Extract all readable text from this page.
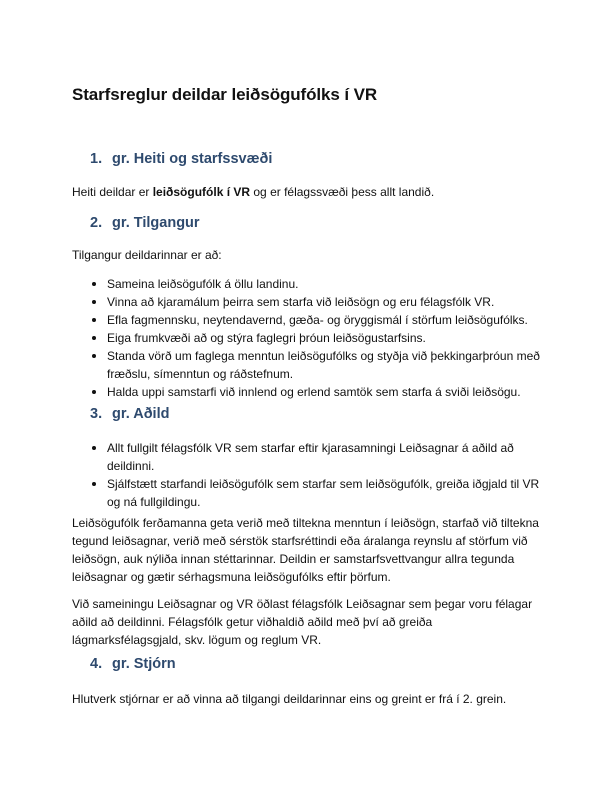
Starfsreglur deildar leiðsögufólks í VR
1. gr. Heiti og starfssvæði

Heiti deildar er leiðsögufólk í VR og er félagssvæði þess allt landið.

2. gr. Tilgangur

Tilgangur deildarinnar er að:

Sameina leiðsögufólk á öllu landinu.
Vinna að kjaramálum þeirra sem starfa við leiðsögn og eru félagsfólk VR.
Efla fagmennsku, neytendavernd, gæða- og öryggismál í störfum leiðsögufólks.
Eiga frumkvæði að og stýra faglegri þróun leiðsögustarfsins.
Standa vörð um faglega menntun leiðsögufólks og styðja við þekkingarþróun með fræðslu, símenntun og ráðstefnum.
Halda uppi samstarfi við innlend og erlend samtök sem starfa á sviði leiðsögu.
3. gr. Aðild
Allt fullgilt félagsfólk VR sem starfar eftir kjarasamningi Leiðsagnar á aðild að deildinni.
Sjálfstætt starfandi leiðsögufólk sem starfar sem leiðsögufólk, greiða iðgjald til VR og ná fullgildingu.

Leiðsögufólk ferðamanna geta verið með tiltekna menntun í leiðsögn, starfað við tiltekna tegund leiðsagnar, verið með sérstök starfsréttindi eða áralanga reynslu af störfum við leiðsögn, auk nýliða innan stéttarinnar. Deildin er samstarfsvettvangur allra tegunda leiðsagnar og gætir sérhagsmuna leiðsögufólks eftir þörfum.

Við sameiningu Leiðsagnar og VR öðlast félagsfólk Leiðsagnar sem þegar voru félagar aðild að deildinni. Félagsfólk getur viðhaldið aðild með því að greiða lágmarksfélagsgjald, skv. lögum og reglum VR.

4. gr. Stjórn

Hlutverk stjórnar er að vinna að tilgangi deildarinnar eins og greint er frá í 2. grein.
